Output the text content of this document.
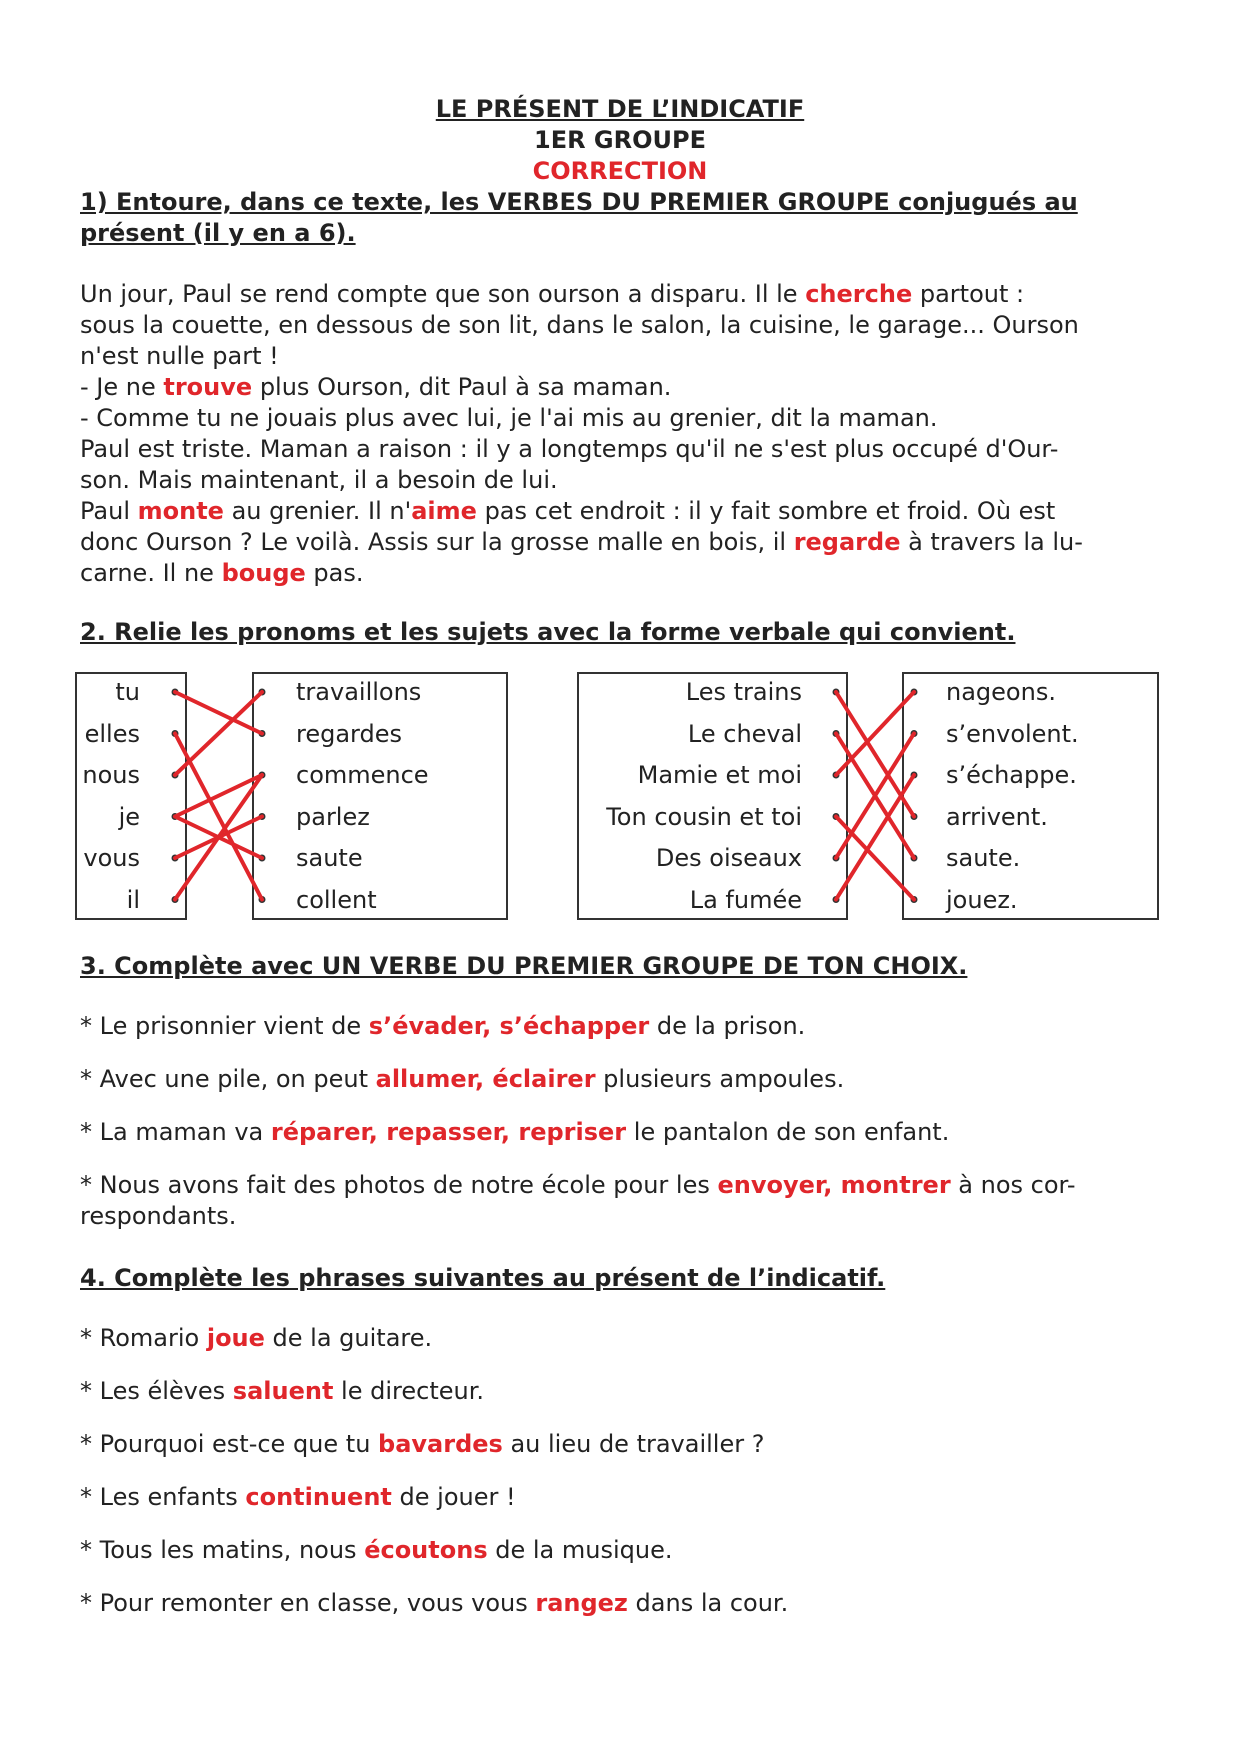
LE PRÉSENT DE L’INDICATIF
1ER GROUPE
CORRECTION
1) Entoure, dans ce texte, les VERBES DU PREMIER GROUPE conjugués au
présent (il y en a 6).
Un jour, Paul se rend compte que son ourson a disparu. Il le cherche partout :
sous la couette, en dessous de son lit, dans le salon, la cuisine, le garage... Ourson
n'est nulle part !
- Je ne trouve plus Ourson, dit Paul à sa maman.
- Comme tu ne jouais plus avec lui, je l'ai mis au grenier, dit la maman.
Paul est triste. Maman a raison : il y a longtemps qu'il ne s'est plus occupé d'Our-
son. Mais maintenant, il a besoin de lui.
Paul monte au grenier. Il n'aime pas cet endroit : il y fait sombre et froid. Où est
donc Ourson ? Le voilà. Assis sur la grosse malle en bois, il regarde à travers la lu-
carne. Il ne bouge pas.
2. Relie les pronoms et les sujets avec la forme verbale qui convient.
tu
elles
nous
je
vous
il
travaillons
regardes
commence
parlez
saute
collent
Les trains
Le cheval
Mamie et moi
Ton cousin et toi
Des oiseaux
La fumée
nageons.
s’envolent.
s’échappe.
arrivent.
saute.
jouez.
3. Complète avec UN VERBE DU PREMIER GROUPE DE TON CHOIX.
* Le prisonnier vient de s’évader, s’échapper de la prison.
* Avec une pile, on peut allumer, éclairer plusieurs ampoules.
* La maman va réparer, repasser, repriser le pantalon de son enfant.
* Nous avons fait des photos de notre école pour les envoyer, montrer à nos cor-
respondants.
4. Complète les phrases suivantes au présent de l’indicatif.
* Romario joue de la guitare.
* Les élèves saluent le directeur.
* Pourquoi est-ce que tu bavardes au lieu de travailler ?
* Les enfants continuent de jouer !
* Tous les matins, nous écoutons de la musique.
* Pour remonter en classe, vous vous rangez dans la cour.
